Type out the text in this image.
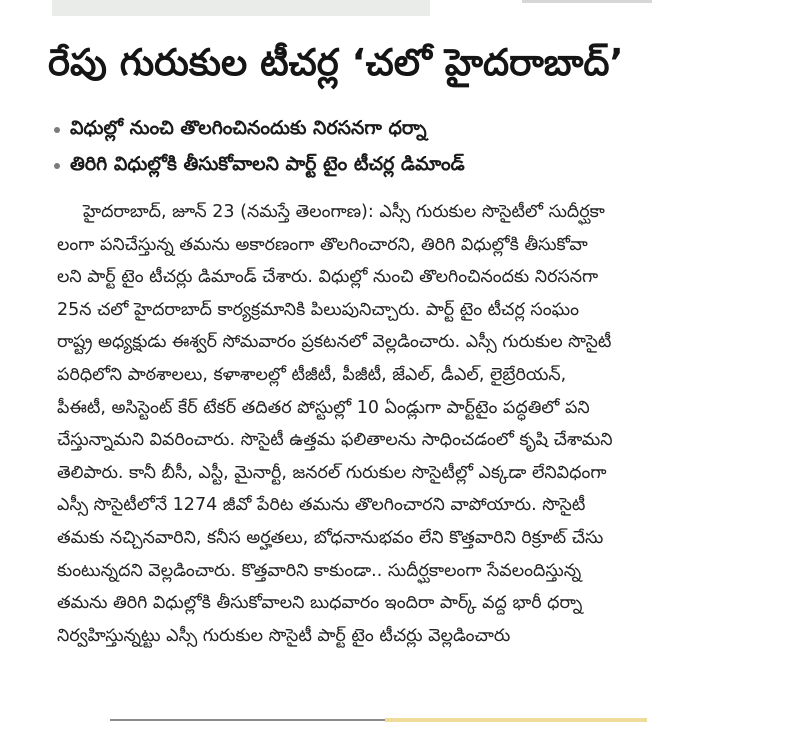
రేపు గురుకుల టీచర్ల ‘చలో హైదరాబాద్’
విధుల్లో నుంచి తొలగించినందుకు నిరసనగా ధర్నా
తిరిగి విధుల్లోకి తీసుకోవాలని పార్ట్ టైం టీచర్ల డిమాండ్
హైదరాబాద్, జూన్ 23 (నమస్తే తెలంగాణ): ఎస్సీ గురుకుల సొసైటీలో సుదీర్ఘకా
లంగా పనిచేస్తున్న తమను అకారణంగా తొలగించారని, తిరిగి విధుల్లోకి తీసుకోవా
లని పార్ట్ టైం టీచర్లు డిమాండ్ చేశారు. విధుల్లో నుంచి తొలగించినందకు నిరసనగా
25న చలో హైదరాబాద్ కార్యక్రమానికి పిలుపునిచ్చారు. పార్ట్ టైం టీచర్ల సంఘం
రాష్ట్ర అధ్యక్షుడు ఈశ్వర్ సోమవారం ప్రకటనలో వెల్లడించారు. ఎస్సీ గురుకుల సొసైటీ
పరిధిలోని పాఠశాలలు, కళాశాలల్లో టీజీటీ, పీజీటీ, జేఎల్, డీఎల్, లైబ్రేరియన్,
పీఈటీ, అసిస్టెంట్ కేర్ టేకర్ తదితర పోస్టుల్లో 10 ఏండ్లుగా పార్ట్‌టైం పద్ధతిలో పని
చేస్తున్నామని వివరించారు. సొసైటీ ఉత్తమ ఫలితాలను సాధించడంలో కృషి చేశామని
తెలిపారు. కానీ బీసీ, ఎస్టీ, మైనార్టీ, జనరల్ గురుకుల సొసైటీల్లో ఎక్కడా లేనివిధంగా
ఎస్సీ సొసైటీలోనే 1274 జీవో పేరిట తమను తొలగించారని వాపోయారు. సొసైటీ
తమకు నచ్చినవారిని, కనీస అర్హతలు, బోధనానుభవం లేని కొత్తవారిని రిక్రూట్ చేసు
కుంటున్నదని వెల్లడించారు. కొత్తవారిని కాకుండా.. సుదీర్ఘకాలంగా సేవలందిస్తున్న
తమను తిరిగి విధుల్లోకి తీసుకోవాలని బుధవారం ఇందిరా పార్క్ వద్ద భారీ ధర్నా
నిర్వహిస్తున్నట్టు ఎస్సీ గురుకుల సొసైటీ పార్ట్ టైం టీచర్లు వెల్లడించారు
